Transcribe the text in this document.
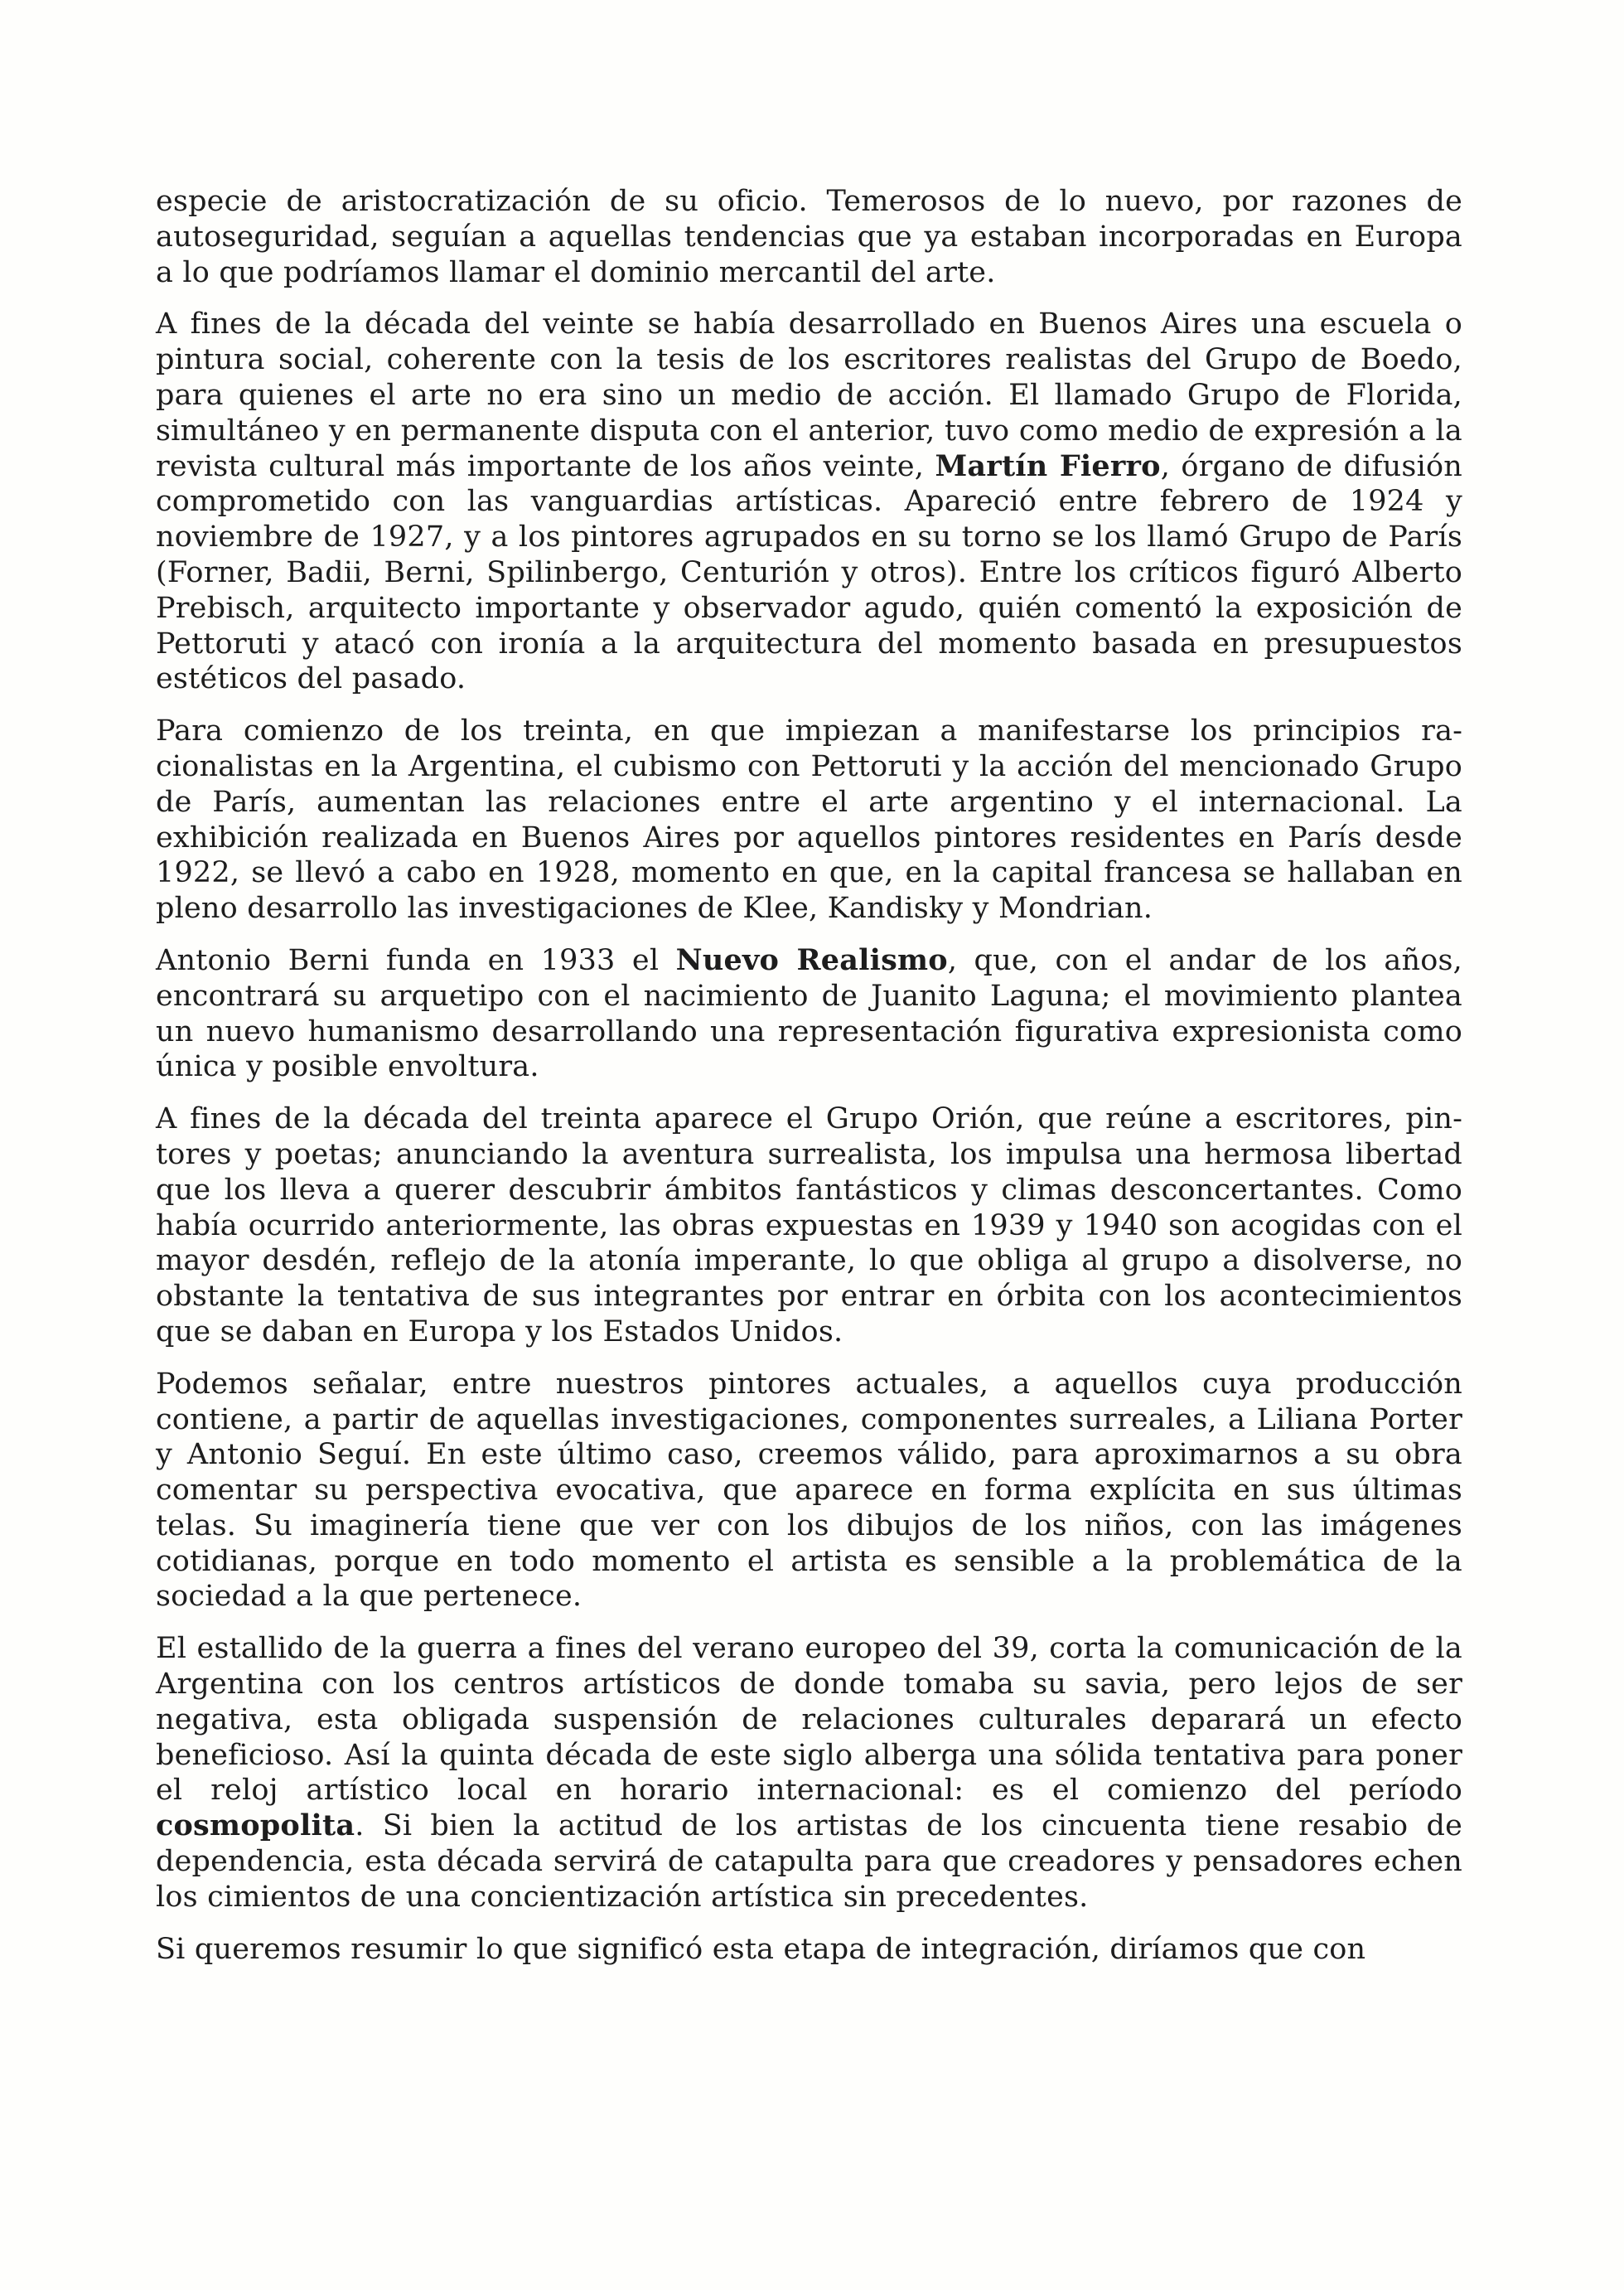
especie de aristocratización de su oficio. Temerosos de lo nuevo, por razones de autoseguridad, seguían a aquellas tendencias que ya estaban incorporadas en Europa a lo que podríamos llamar el dominio mercantil del arte.

A fines de la década del veinte se había desarrollado en Buenos Aires una escuela o pintura social, coherente con la tesis de los escritores realistas del Grupo de Boedo, para quienes el arte no era sino un medio de acción. El llamado Grupo de Florida, simultáneo y en permanente disputa con el anterior, tuvo como medio de expresión a la revista cultural más importante de los años veinte, Martín Fierro, órgano de difusión comprometido con las vanguardias artísticas. Apareció entre febrero de 1924 y noviembre de 1927, y a los pintores agrupados en su torno se los llamó Grupo de París (Forner, Badii, Berni, Spilinbergo, Centurión y otros). Entre los críticos figuró Alberto Prebisch, arquitecto importante y observador agudo, quién comentó la exposición de Pettoruti y atacó con ironía a la arquitectura del momento basada en presupuestos estéticos del pasado.

Para comienzo de los treinta, en que impiezan a manifestarse los principios racionalistas en la Argentina, el cubismo con Pettoruti y la acción del mencionado Grupo de París, aumentan las relaciones entre el arte argentino y el internacional. La exhibición realizada en Buenos Aires por aquellos pintores residentes en París desde 1922, se llevó a cabo en 1928, momento en que, en la capital francesa se hallaban en pleno desarrollo las investigaciones de Klee, Kandisky y Mondrian.

Antonio Berni funda en 1933 el Nuevo Realismo, que, con el andar de los años, encontrará su arquetipo con el nacimiento de Juanito Laguna; el movimiento plantea un nuevo humanismo desarrollando una representación figurativa expresionista como única y posible envoltura.

A fines de la década del treinta aparece el Grupo Orión, que reúne a escritores, pintores y poetas; anunciando la aventura surrealista, los impulsa una hermosa libertad que los lleva a querer descubrir ámbitos fantásticos y climas desconcertantes. Como había ocurrido anteriormente, las obras expuestas en 1939 y 1940 son acogidas con el mayor desdén, reflejo de la atonía imperante, lo que obliga al grupo a disolverse, no obstante la tentativa de sus integrantes por entrar en órbita con los acontecimientos que se daban en Europa y los Estados Unidos.

Podemos señalar, entre nuestros pintores actuales, a aquellos cuya producción contiene, a partir de aquellas investigaciones, componentes surreales, a Liliana Porter y Antonio Seguí. En este último caso, creemos válido, para aproximarnos a su obra comentar su perspectiva evocativa, que aparece en forma explícita en sus últimas telas. Su imaginería tiene que ver con los dibujos de los niños, con las imágenes cotidianas, porque en todo momento el artista es sensible a la problemática de la sociedad a la que pertenece.

El estallido de la guerra a fines del verano europeo del 39, corta la comunicación de la Argentina con los centros artísticos de donde tomaba su savia, pero lejos de ser negativa, esta obligada suspensión de relaciones culturales deparará un efecto beneficioso. Así la quinta década de este siglo alberga una sólida tentativa para poner el reloj artístico local en horario internacional: es el comienzo del período cosmopolita. Si bien la actitud de los artistas de los cincuenta tiene resabio de dependencia, esta década servirá de catapulta para que creadores y pensadores echen los cimientos de una concientización artística sin precedentes.

Si queremos resumir lo que significó esta etapa de integración, diríamos que con
